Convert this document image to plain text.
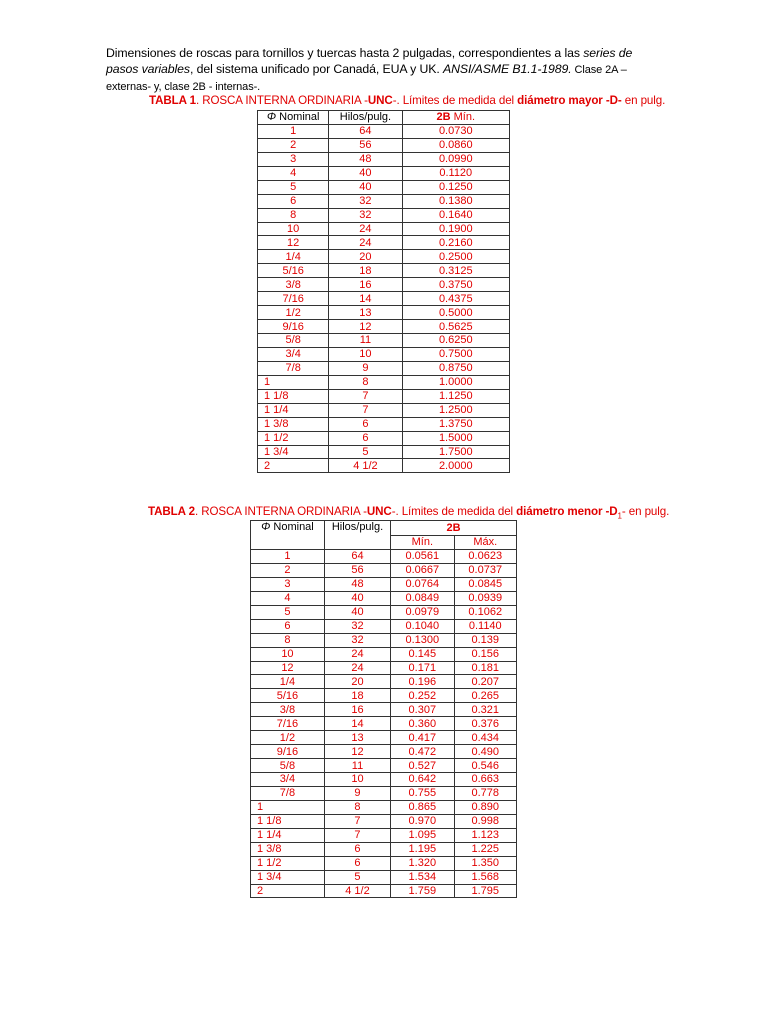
Dimensiones de roscas para tornillos y tuercas hasta 2 pulgadas, correspondientes a las series de pasos variables, del sistema unificado por Canadá, EUA y UK. ANSI/ASME B1.1-1989. Clase 2A –externas- y, clase 2B - internas-.
TABLA 1. ROSCA INTERNA ORDINARIA -UNC-. Límites de medida del diámetro mayor -D- en pulg.
Φ Nominal	Hilos/pulg.	2B Mín.
1	64	0.0730
2	56	0.0860
3	48	0.0990
4	40	0.1120
5	40	0.1250
6	32	0.1380
8	32	0.1640
10	24	0.1900
12	24	0.2160
1/4	20	0.2500
5/16	18	0.3125
3/8	16	0.3750
7/16	14	0.4375
1/2	13	0.5000
9/16	12	0.5625
5/8	11	0.6250
3/4	10	0.7500
7/8	9	0.8750
1	8	1.0000
1 1/8	7	1.1250
1 1/4	7	1.2500
1 3/8	6	1.3750
1 1/2	6	1.5000
1 3/4	5	1.7500
2	4 1/2	2.0000
TABLA 2. ROSCA INTERNA ORDINARIA -UNC-. Límites de medida del diámetro menor $-D_1-$ en pulg.
Φ Nominal	Hilos/pulg.	2B	
		Mín.	Máx.
1	64	0.0561	0.0623
2	56	0.0667	0.0737
3	48	0.0764	0.0845
4	40	0.0849	0.0939
5	40	0.0979	0.1062
6	32	0.1040	0.1140
8	32	0.1300	0.139
10	24	0.145	0.156
12	24	0.171	0.181
1/4	20	0.196	0.207
5/16	18	0.252	0.265
3/8	16	0.307	0.321
7/16	14	0.360	0.376
1/2	13	0.417	0.434
9/16	12	0.472	0.490
5/8	11	0.527	0.546
3/4	10	0.642	0.663
7/8	9	0.755	0.778
1	8	0.865	0.890
1 1/8	7	0.970	0.998
1 1/4	7	1.095	1.123
1 3/8	6	1.195	1.225
1 1/2	6	1.320	1.350
1 3/4	5	1.534	1.568
2	4 1/2	1.759	1.795
